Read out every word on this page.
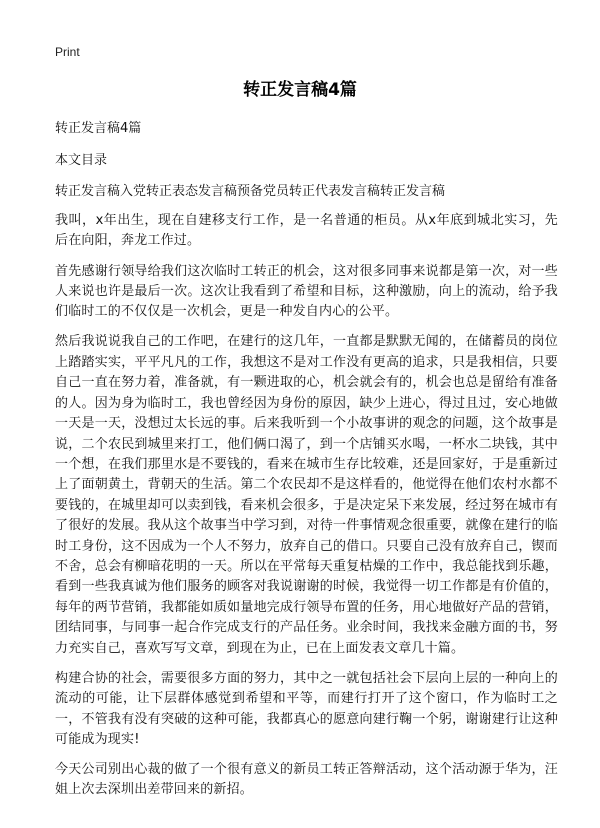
Print
转正发言稿4篇

转正发言稿4篇

本文目录

转正发言稿入党转正表态发言稿预备党员转正代表发言稿转正发言稿

我叫，x年出生，现在自建移支行工作，是一名普通的柜员。从x年底到城北实习，先后在向阳，奔龙工作过。

首先感谢行领导给我们这次临时工转正的机会，这对很多同事来说都是第一次，对一些人来说也许是最后一次。这次让我看到了希望和目标，这种激励，向上的流动，给予我们临时工的不仅仅是一次机会，更是一种发自内心的公平。

然后我说说我自己的工作吧，在建行的这几年，一直都是默默无闻的，在储蓄员的岗位上踏踏实实，平平凡凡的工作，我想这不是对工作没有更高的追求，只是我相信，只要自己一直在努力着，准备就，有一颗进取的心，机会就会有的，机会也总是留给有准备的人。因为身为临时工，我也曾经因为身份的原因，缺少上进心，得过且过，安心地做一天是一天，没想过太长远的事。后来我听到一个小故事讲的观念的问题，这个故事是说，二个农民到城里来打工，他们俩口渴了，到一个店铺买水喝，一杯水二块钱，其中一个想，在我们那里水是不要钱的，看来在城市生存比较难，还是回家好，于是重新过上了面朝黄土，背朝天的生活。第二个农民却不是这样看的，他觉得在他们农村水都不要钱的，在城里却可以卖到钱，看来机会很多，于是决定呆下来发展，经过努在城市有了很好的发展。我从这个故事当中学习到，对待一件事情观念很重要，就像在建行的临时工身份，这不因成为一个人不努力，放弃自己的借口。只要自己没有放弃自己，锲而不舍，总会有柳暗花明的一天。所以在平常每天重复枯燥的工作中，我总能找到乐趣，看到一些我真诚为他们服务的顾客对我说谢谢的时候，我觉得一切工作都是有价值的，每年的两节营销，我都能如质如量地完成行领导布置的任务，用心地做好产品的营销，团结同事，与同事一起合作完成支行的产品任务。业余时间，我找来金融方面的书，努力充实自己，喜欢写写文章，到现在为止，已在上面发表文章几十篇。

构建合协的社会，需要很多方面的努力，其中之一就包括社会下层向上层的一种向上的流动的可能，让下层群体感觉到希望和平等，而建行打开了这个窗口，作为临时工之一，不管我有没有突破的这种可能，我都真心的愿意向建行鞠一个躬，谢谢建行让这种可能成为现实!

今天公司别出心裁的做了一个很有意义的新员工转正答辩活动，这个活动源于华为，汪姐上次去深圳出差带回来的新招。
